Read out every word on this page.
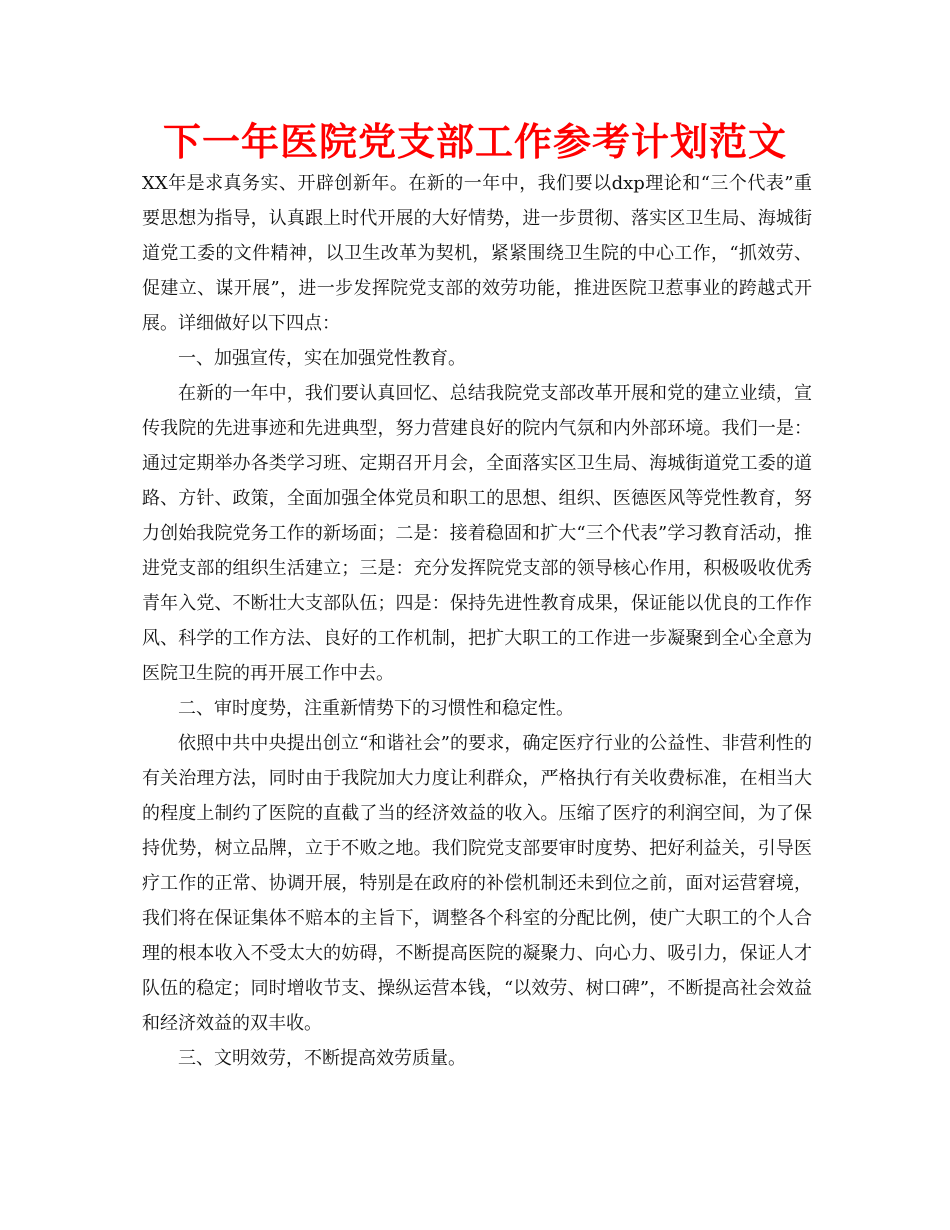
下一年医院党支部工作参考计划范文

XX年是求真务实、开辟创新年。在新的一年中，我们要以dxp理论和“三个代表”重要思想为指导，认真跟上时代开展的大好情势，进一步贯彻、落实区卫生局、海城街道党工委的文件精神，以卫生改革为契机，紧紧围绕卫生院的中心工作，“抓效劳、促建立、谋开展”，进一步发挥院党支部的效劳功能，推进医院卫惹事业的跨越式开展。详细做好以下四点：

一、加强宣传，实在加强党性教育。

在新的一年中，我们要认真回忆、总结我院党支部改革开展和党的建立业绩，宣传我院的先进事迹和先进典型，努力营建良好的院内气氛和内外部环境。我们一是：通过定期举办各类学习班、定期召开月会，全面落实区卫生局、海城街道党工委的道路、方针、政策，全面加强全体党员和职工的思想、组织、医德医风等党性教育，努力创始我院党务工作的新场面；二是：接着稳固和扩大“三个代表”学习教育活动，推进党支部的组织生活建立；三是：充分发挥院党支部的领导核心作用，积极吸收优秀青年入党、不断壮大支部队伍；四是：保持先进性教育成果，保证能以优良的工作作风、科学的工作方法、良好的工作机制，把扩大职工的工作进一步凝聚到全心全意为医院卫生院的再开展工作中去。

二、审时度势，注重新情势下的习惯性和稳定性。

依照中共中央提出创立“和谐社会”的要求，确定医疗行业的公益性、非营利性的有关治理方法，同时由于我院加大力度让利群众，严格执行有关收费标准，在相当大的程度上制约了医院的直截了当的经济效益的收入。压缩了医疗的利润空间，为了保持优势，树立品牌，立于不败之地。我们院党支部要审时度势、把好利益关，引导医疗工作的正常、协调开展，特别是在政府的补偿机制还未到位之前，面对运营窘境，我们将在保证集体不赔本的主旨下，调整各个科室的分配比例，使广大职工的个人合理的根本收入不受太大的妨碍，不断提高医院的凝聚力、向心力、吸引力，保证人才队伍的稳定；同时增收节支、操纵运营本钱，“以效劳、树口碑”，不断提高社会效益和经济效益的双丰收。

三、文明效劳，不断提高效劳质量。
